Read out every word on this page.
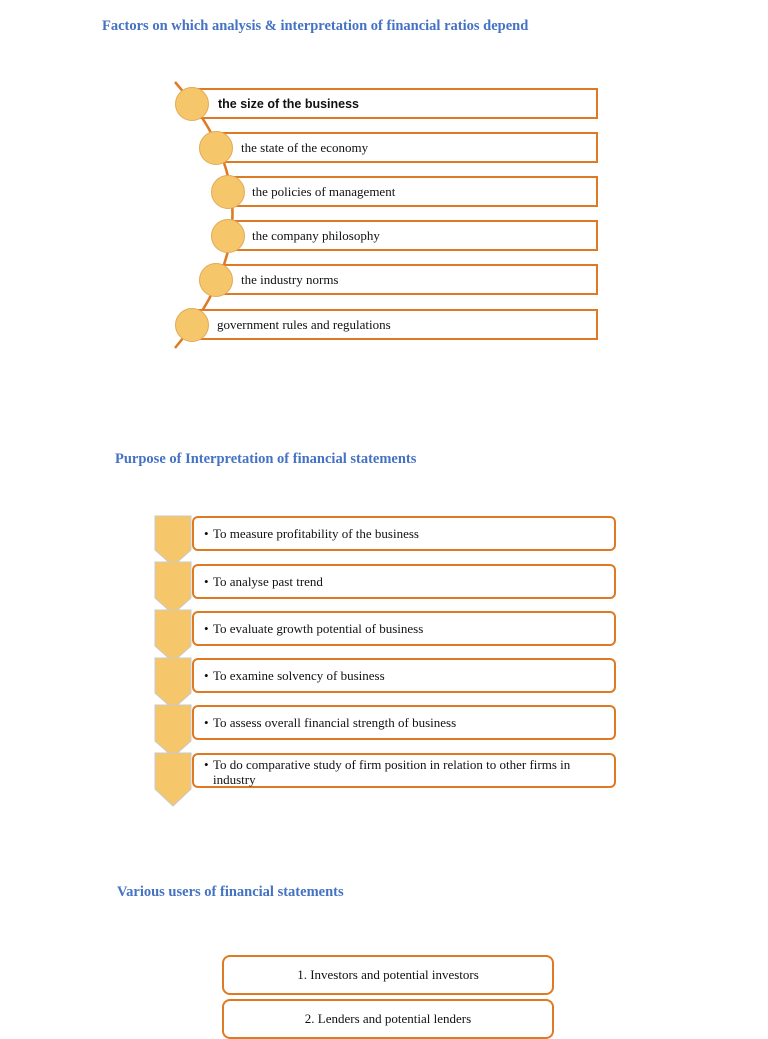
Factors on which analysis & interpretation of financial ratios depend
the size of the business
the state of the economy
the policies of management
the company philosophy
the industry norms
government rules and regulations
Purpose of Interpretation of financial statements
• To measure profitability of the business
• To analyse past trend
• To evaluate growth potential of business
• To examine solvency of business
• To assess overall financial strength of business
• To do comparative study of firm position in relation to other firms in industry
Various users of financial statements
1. Investors and potential investors
2. Lenders and potential lenders
